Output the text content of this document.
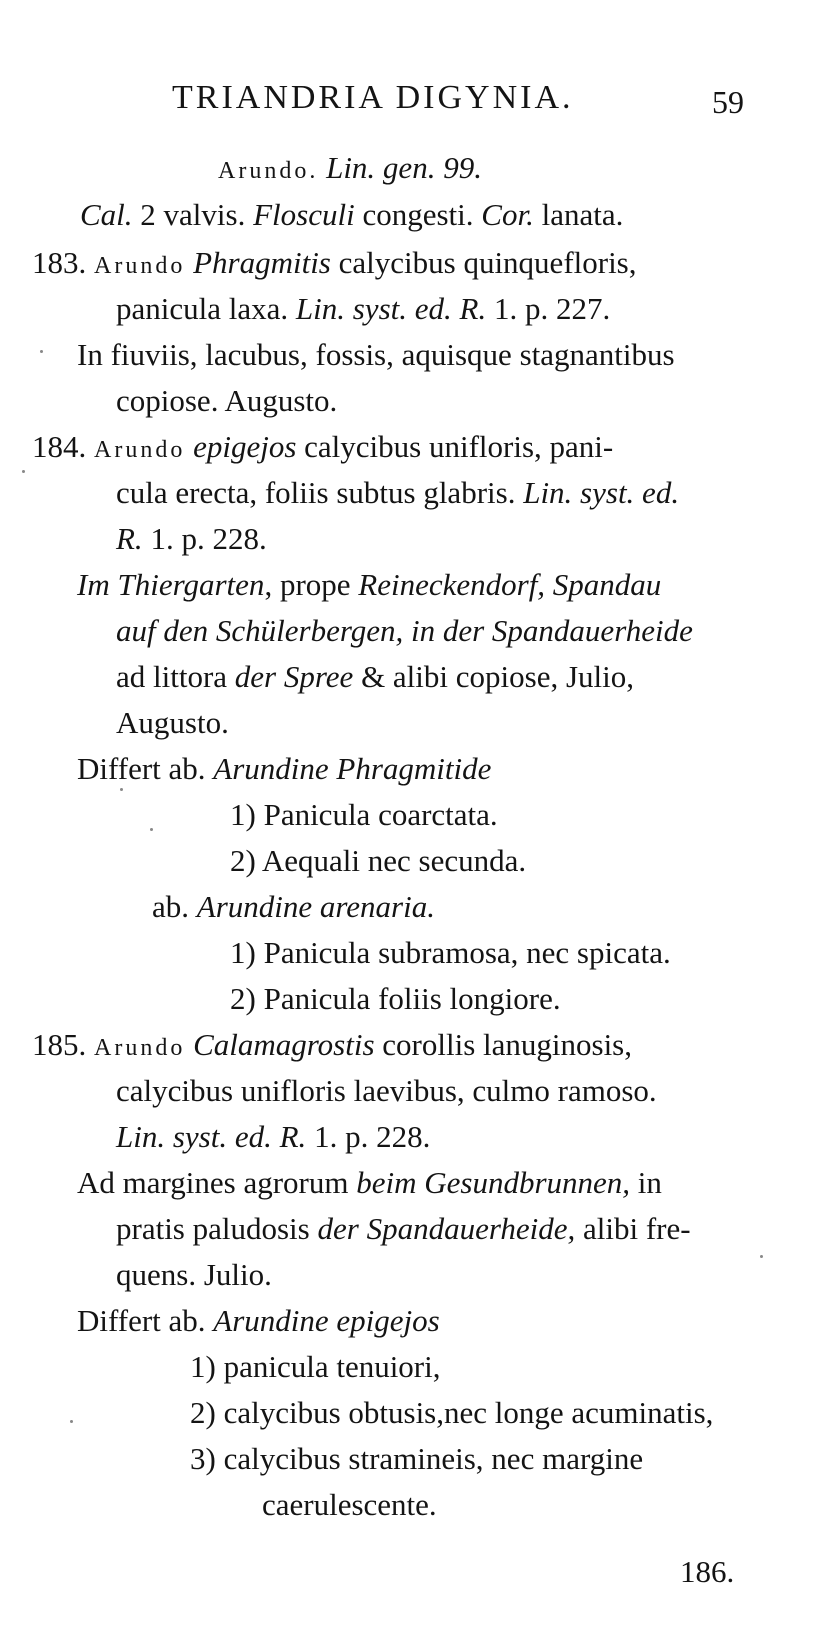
TRIANDRIA DIGYNIA.	59
Arundo. Lin. gen. 99.
Cal. 2 valvis. Flosculi congesti. Cor. lanata.
183. Arundo Phragmitis calycibus quinquefloris,
panicula laxa. Lin. syst. ed. R. 1. p. 227.
In fiuviis, lacubus, fossis, aquisque stagnantibus
copiose. Augusto.
184. Arundo epigejos calycibus unifloris, pani-
cula erecta, foliis subtus glabris. Lin. syst. ed.
R. 1. p. 228.
Im Thiergarten, prope Reineckendorf, Spandau
auf den Schülerbergen, in der Spandauerheide
ad littora der Spree & alibi copiose, Julio,
Augusto.
Differt ab. Arundine Phragmitide
1) Panicula coarctata.
2) Aequali nec secunda.
ab. Arundine arenaria.
1) Panicula subramosa, nec spicata.
2) Panicula foliis longiore.
185. Arundo Calamagrostis corollis lanuginosis,
calycibus unifloris laevibus, culmo ramoso.
Lin. syst. ed. R. 1. p. 228.
Ad margines agrorum beim Gesundbrunnen, in
pratis paludosis der Spandauerheide, alibi fre-
quens. Julio.
Differt ab. Arundine epigejos
1) panicula tenuiori,
2) calycibus obtusis,nec longe acuminatis,
3) calycibus stramineis, nec margine
caerulescente.
186.
